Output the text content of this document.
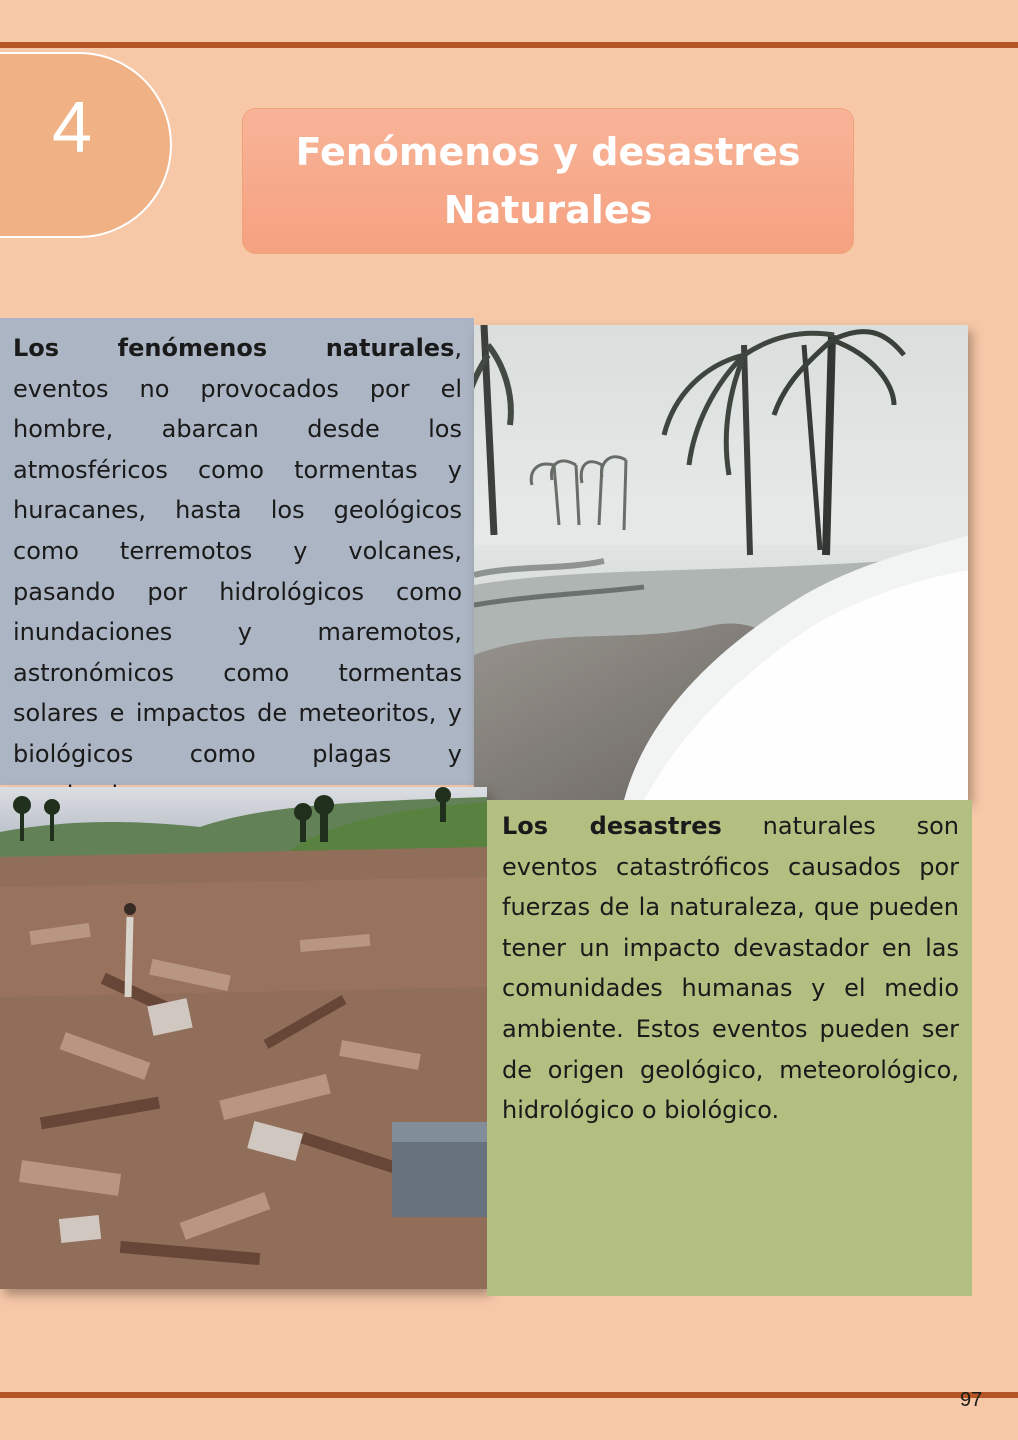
4	Fenómenos y desastres
Naturales
Los fenómenos naturales, eventos no provocados por el hombre, abarcan desde los atmosféricos como tormentas y huracanes, hasta los geológicos como terremotos y volcanes, pasando por hidrológicos como inundaciones y maremotos, astronómicos como tormentas solares e impactos de meteoritos, y biológicos como plagas y
Los desastres naturales son eventos catastróficos causados por fuerzas de la naturaleza, que pueden tener un impacto devastador en las comunidades humanas y el medio ambiente. Estos eventos pueden ser de origen geológico, meteorológico, hidrológico o biológico.
97
